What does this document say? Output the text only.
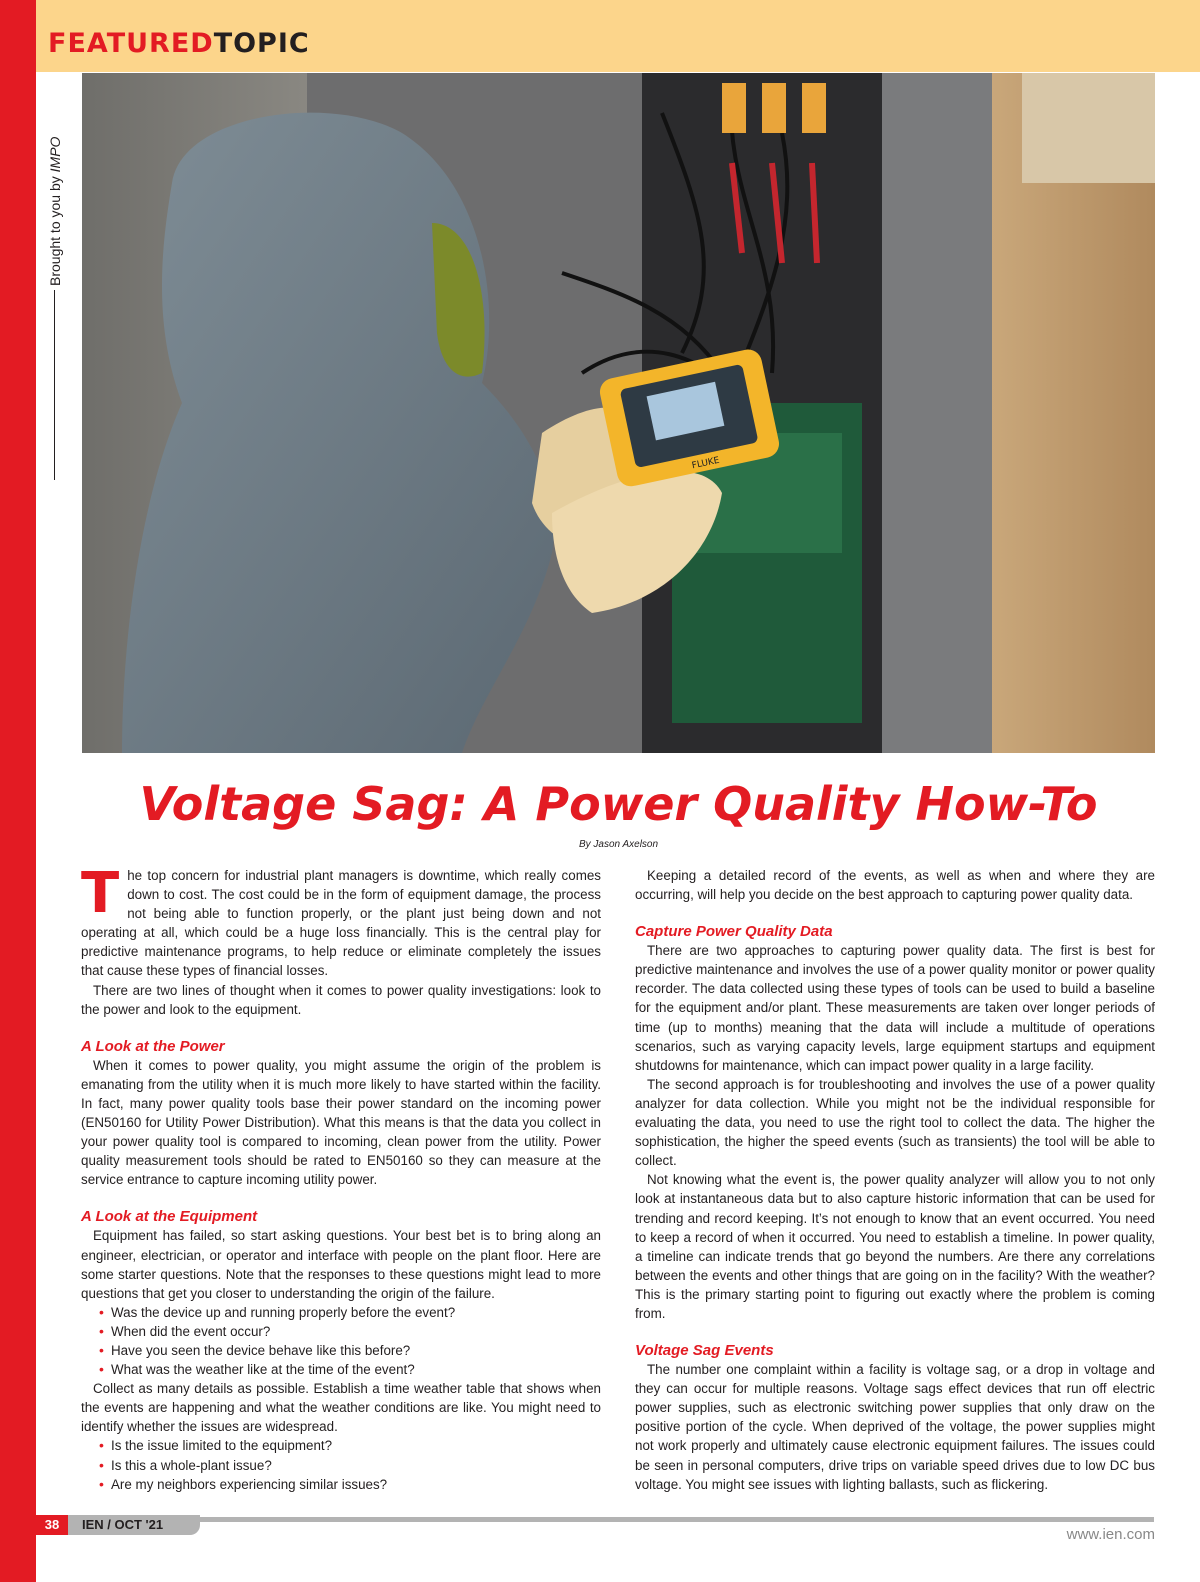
FEATUREDTOPIC
Brought to you by IMPO
FLUKE
Voltage Sag: A Power Quality How-To
By Jason Axelson

The top concern for industrial plant managers is downtime, which really comes down to cost. The cost could be in the form of equipment damage, the process not being able to function properly, or the plant just being down and not operating at all, which could be a huge loss financially. This is the central play for predictive maintenance programs, to help reduce or eliminate completely the issues that cause these types of financial losses.

There are two lines of thought when it comes to power quality investigations: look to the power and look to the equipment.

A Look at the Power

When it comes to power quality, you might assume the origin of the problem is emanating from the utility when it is much more likely to have started within the facility. In fact, many power quality tools base their power standard on the incoming power (EN50160 for Utility Power Distribution). What this means is that the data you collect in your power quality tool is compared to incoming, clean power from the utility. Power quality measurement tools should be rated to EN50160 so they can measure at the service entrance to capture incoming utility power.

A Look at the Equipment

Equipment has failed, so start asking questions. Your best bet is to bring along an engineer, electrician, or operator and interface with people on the plant floor. Here are some starter questions. Note that the responses to these questions might lead to more questions that get you closer to understanding the origin of the failure.

• Was the device up and running properly before the event?
• When did the event occur?
• Have you seen the device behave like this before?
• What was the weather like at the time of the event?

Collect as many details as possible. Establish a time weather table that shows when the events are happening and what the weather conditions are like. You might need to identify whether the issues are widespread.

• Is the issue limited to the equipment?
• Is this a whole-plant issue?
• Are my neighbors experiencing similar issues?

Keeping a detailed record of the events, as well as when and where they are occurring, will help you decide on the best approach to capturing power quality data.

Capture Power Quality Data

There are two approaches to capturing power quality data. The first is best for predictive maintenance and involves the use of a power quality monitor or power quality recorder. The data collected using these types of tools can be used to build a baseline for the equipment and/or plant. These measurements are taken over longer periods of time (up to months) meaning that the data will include a multitude of operations scenarios, such as varying capacity levels, large equipment startups and equipment shutdowns for maintenance, which can impact power quality in a large facility.

The second approach is for troubleshooting and involves the use of a power quality analyzer for data collection. While you might not be the individual responsible for evaluating the data, you need to use the right tool to collect the data. The higher the sophistication, the higher the speed events (such as transients) the tool will be able to collect.

Not knowing what the event is, the power quality analyzer will allow you to not only look at instantaneous data but to also capture historic information that can be used for trending and record keeping. It’s not enough to know that an event occurred. You need to keep a record of when it occurred. You need to establish a timeline. In power quality, a timeline can indicate trends that go beyond the numbers. Are there any correlations between the events and other things that are going on in the facility? With the weather? This is the primary starting point to figuring out exactly where the problem is coming from.

Voltage Sag Events

The number one complaint within a facility is voltage sag, or a drop in voltage and they can occur for multiple reasons. Voltage sags effect devices that run off electric power supplies, such as electronic switching power supplies that only draw on the positive portion of the cycle. When deprived of the voltage, the power supplies might not work properly and ultimately cause electronic equipment failures. The issues could be seen in personal computers, drive trips on variable speed drives due to low DC bus voltage. You might see issues with lighting ballasts, such as flickering.

IEN / OCT '21
38
www.ien.com
